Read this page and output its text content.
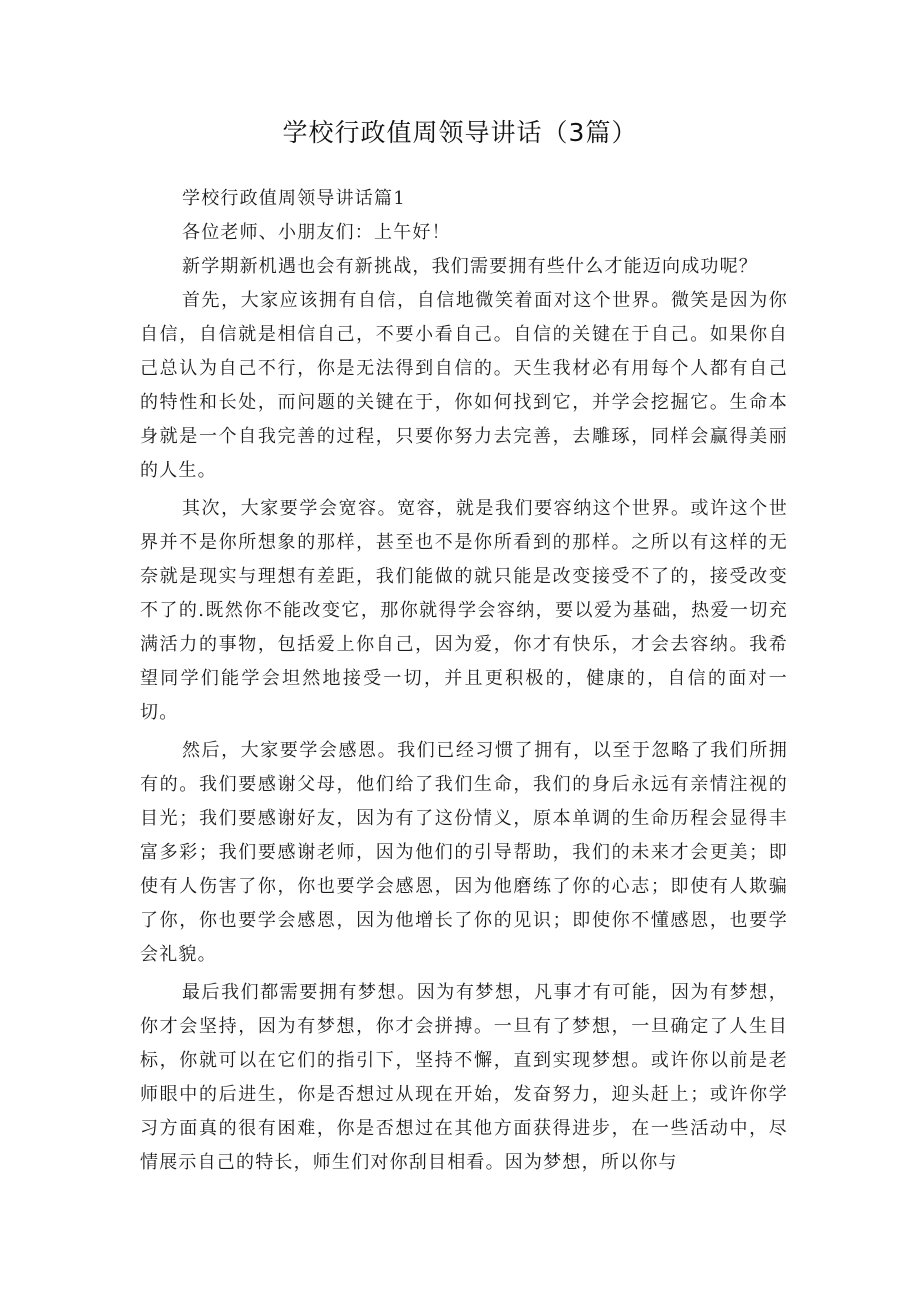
学校行政值周领导讲话（3篇）

学校行政值周领导讲话篇1

各位老师、小朋友们：上午好！

新学期新机遇也会有新挑战，我们需要拥有些什么才能迈向成功呢？

首先，大家应该拥有自信，自信地微笑着面对这个世界。微笑是因为你自信，自信就是相信自己，不要小看自己。自信的关键在于自己。如果你自己总认为自己不行，你是无法得到自信的。天生我材必有用每个人都有自己的特性和长处，而问题的关键在于，你如何找到它，并学会挖掘它。生命本身就是一个自我完善的过程，只要你努力去完善，去雕琢，同样会赢得美丽的人生。

其次，大家要学会宽容。宽容，就是我们要容纳这个世界。或许这个世界并不是你所想象的那样，甚至也不是你所看到的那样。之所以有这样的无奈就是现实与理想有差距，我们能做的就只能是改变接受不了的，接受改变不了的.既然你不能改变它，那你就得学会容纳，要以爱为基础，热爱一切充满活力的事物，包括爱上你自己，因为爱，你才有快乐，才会去容纳。我希望同学们能学会坦然地接受一切，并且更积极的，健康的，自信的面对一切。

然后，大家要学会感恩。我们已经习惯了拥有，以至于忽略了我们所拥有的。我们要感谢父母，他们给了我们生命，我们的身后永远有亲情注视的目光；我们要感谢好友，因为有了这份情义，原本单调的生命历程会显得丰富多彩；我们要感谢老师，因为他们的引导帮助，我们的未来才会更美；即使有人伤害了你，你也要学会感恩，因为他磨练了你的心志；即使有人欺骗了你，你也要学会感恩，因为他增长了你的见识；即使你不懂感恩，也要学会礼貌。

最后我们都需要拥有梦想。因为有梦想，凡事才有可能，因为有梦想，你才会坚持，因为有梦想，你才会拼搏。一旦有了梦想，一旦确定了人生目标，你就可以在它们的指引下，坚持不懈，直到实现梦想。或许你以前是老师眼中的后进生，你是否想过从现在开始，发奋努力，迎头赶上；或许你学习方面真的很有困难，你是否想过在其他方面获得进步，在一些活动中，尽情展示自己的特长，师生们对你刮目相看。因为梦想，所以你与
